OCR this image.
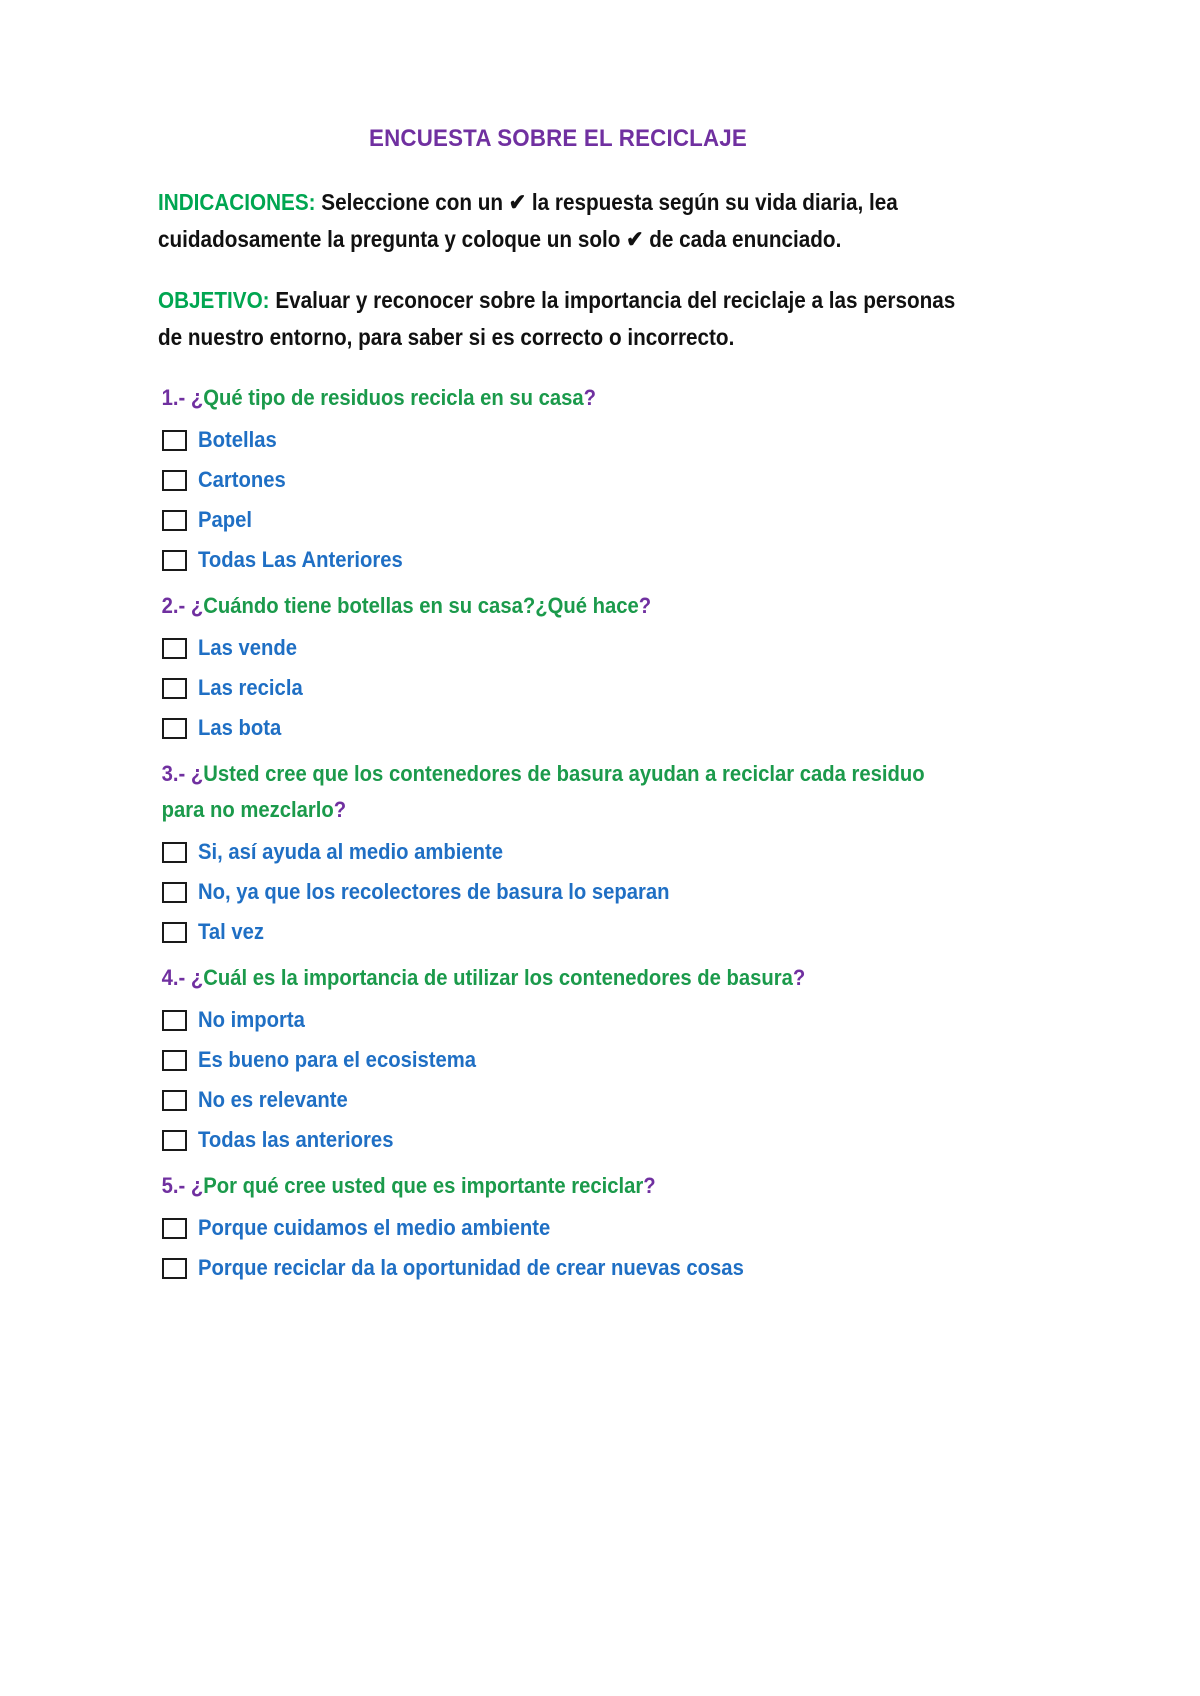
ENCUESTA SOBRE EL RECICLAJE

INDICACIONES: Seleccione con un ✔ la respuesta según su vida diaria, lea cuidadosamente la pregunta y coloque un solo ✔ de cada enunciado.

OBJETIVO: Evaluar y reconocer sobre la importancia del reciclaje a las personas de nuestro entorno, para saber si es correcto o incorrecto.

1.- ¿Qué tipo de residuos recicla en su casa?

Botellas
Cartones
Papel
Todas Las Anteriores

2.- ¿Cuándo tiene botellas en su casa?¿Qué hace?

Las vende
Las recicla
Las bota

3.- ¿Usted cree que los contenedores de basura ayudan a reciclar cada residuo para no mezclarlo?

Si, así ayuda al medio ambiente
No, ya que los recolectores de basura lo separan
Tal vez

4.- ¿Cuál es la importancia de utilizar los contenedores de basura?

No importa
Es bueno para el ecosistema
No es relevante
Todas las anteriores

5.- ¿Por qué cree usted que es importante reciclar?

Porque cuidamos el medio ambiente
Porque reciclar da la oportunidad de crear nuevas cosas
